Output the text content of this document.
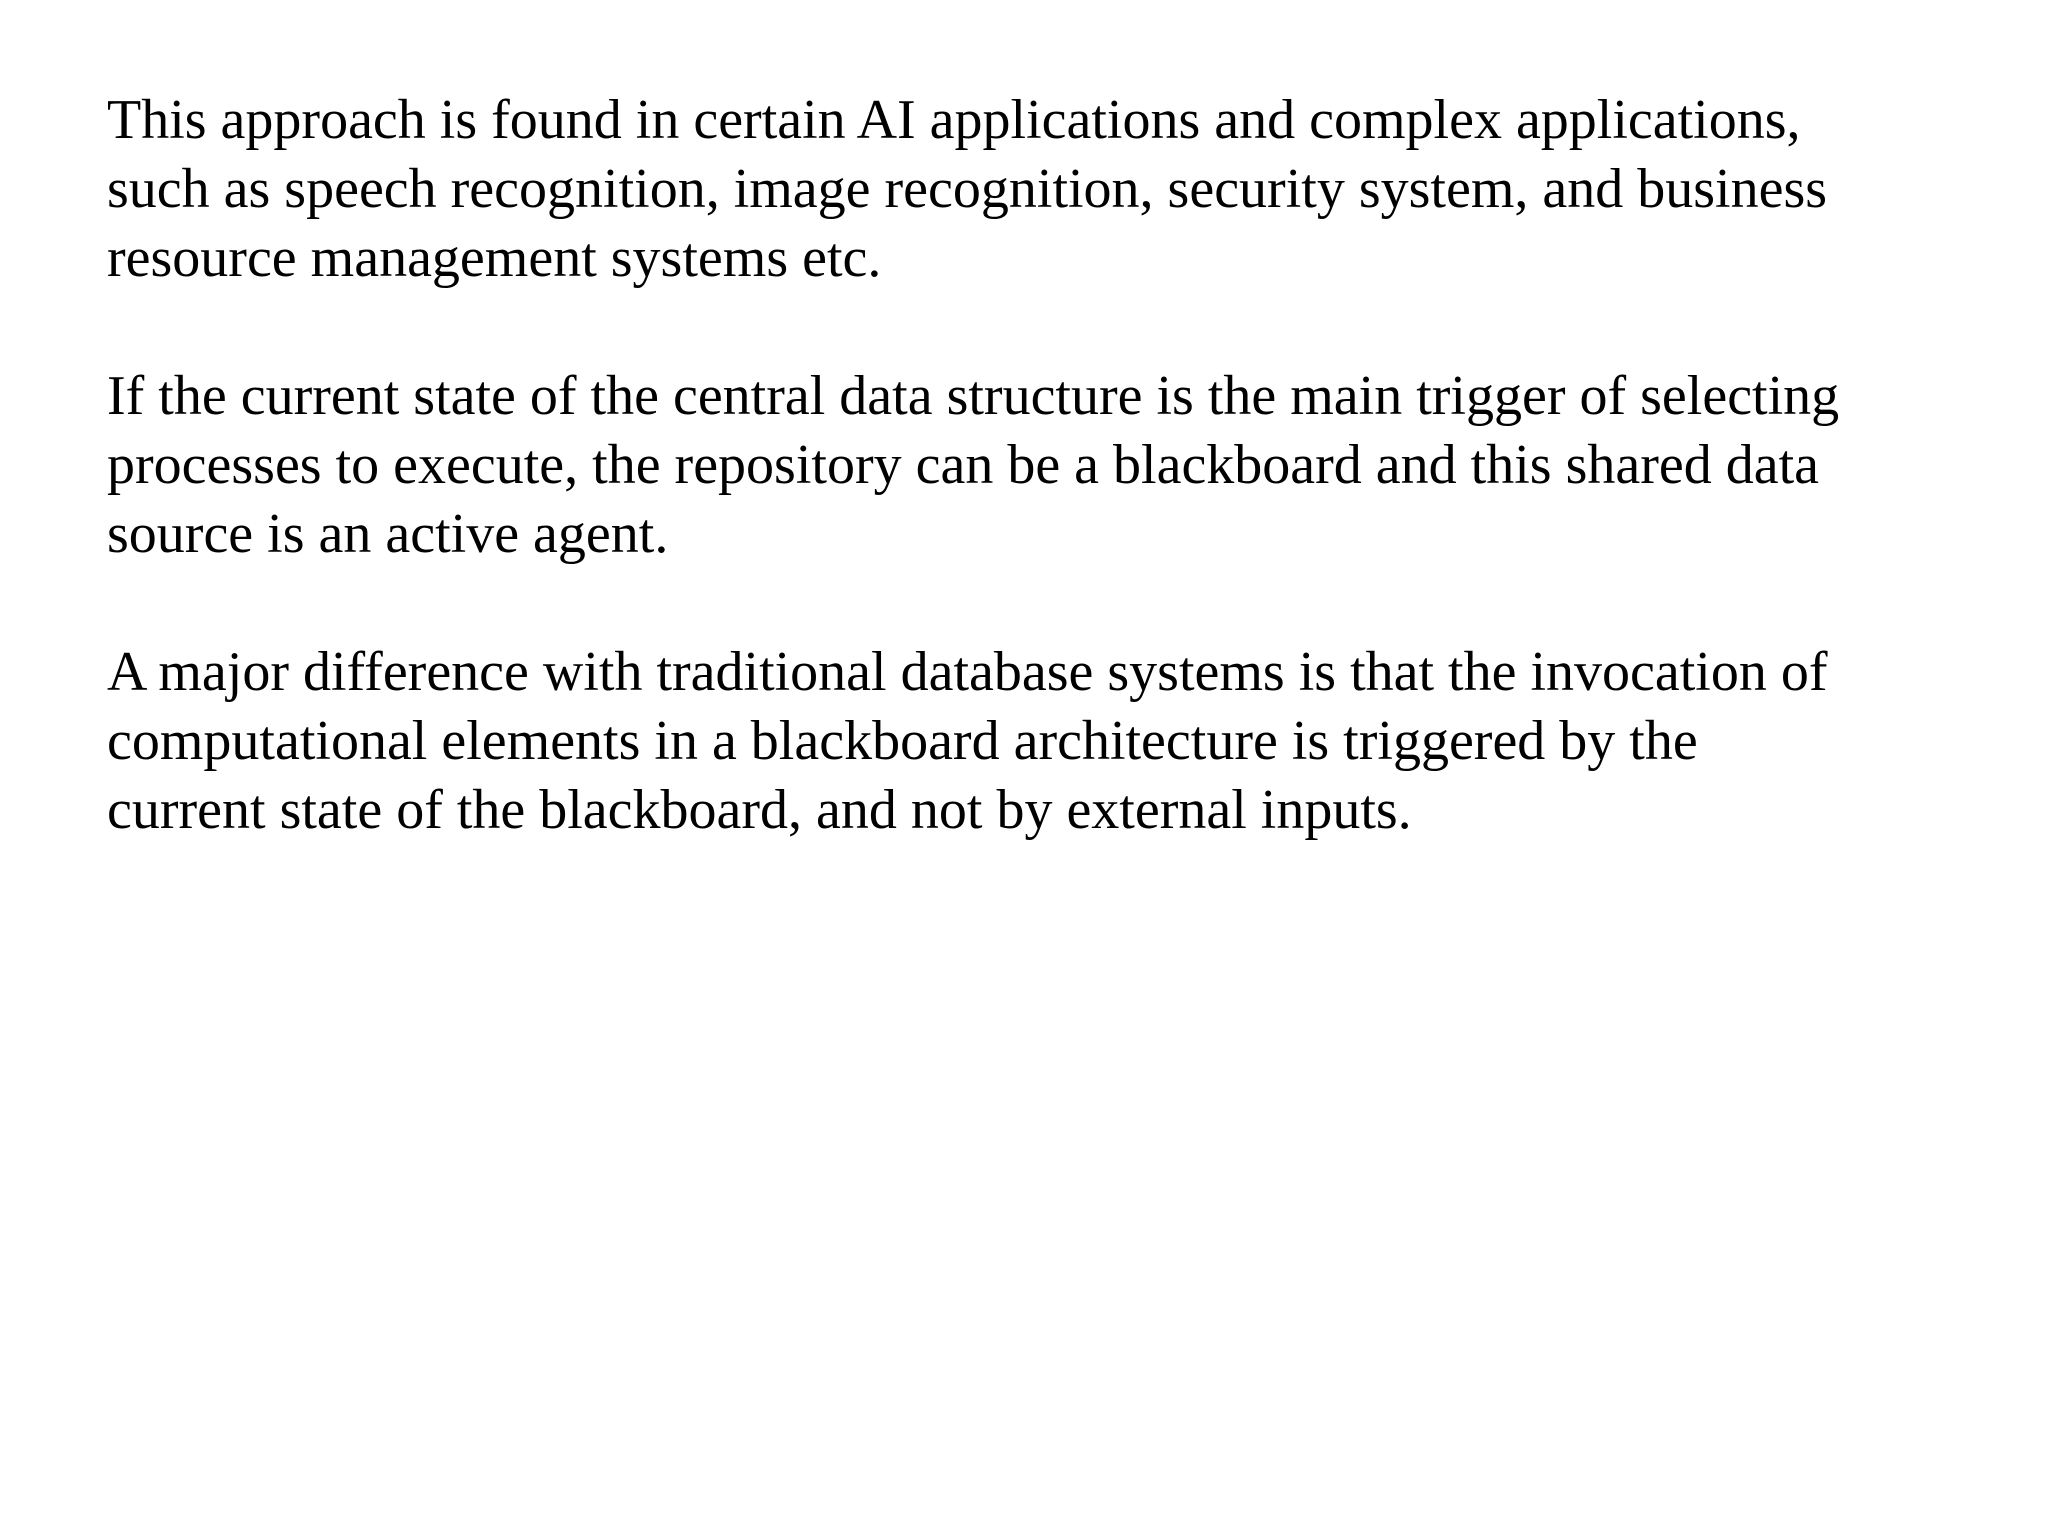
This approach is found in certain AI applications and complex applications,
such as speech recognition, image recognition, security system, and business
resource management systems etc.

If the current state of the central data structure is the main trigger of selecting
processes to execute, the repository can be a blackboard and this shared data
source is an active agent.

A major difference with traditional database systems is that the invocation of
computational elements in a blackboard architecture is triggered by the
current state of the blackboard, and not by external inputs.
